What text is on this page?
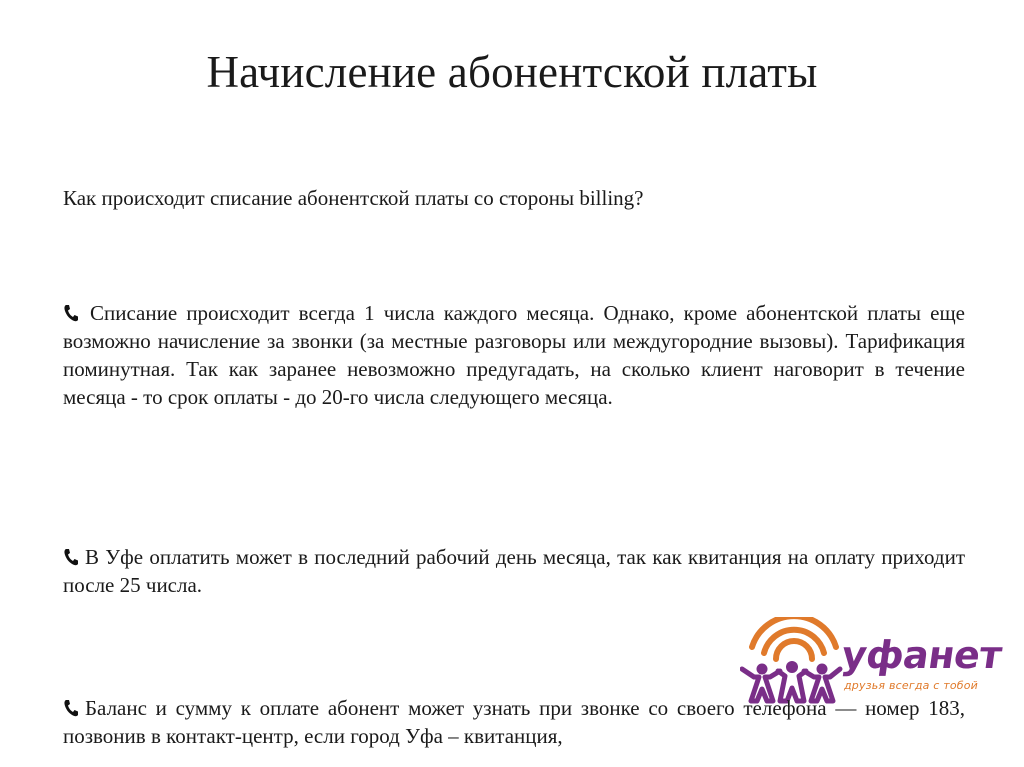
Начисление абонентской платы

Как происходит списание абонентской платы со стороны billing?

Списание происходит всегда 1 числа каждого месяца. Однако, кроме абонентской платы еще возможно начисление за звонки (за местные разговоры или междугородние вызовы). Тарификация поминутная. Так как заранее невозможно предугадать, на сколько клиент наговорит в течение месяца - то срок оплаты - до 20-го числа следующего месяца.

В Уфе оплатить может в последний рабочий день месяца, так как квитанция на оплату приходит после 25 числа.

уфанет
друзья всегда с тобой

Баланс и сумму к оплате абонент может узнать при звонке со своего телефона — номер 183, позвонив в контакт-центр, если город Уфа – квитанция,
